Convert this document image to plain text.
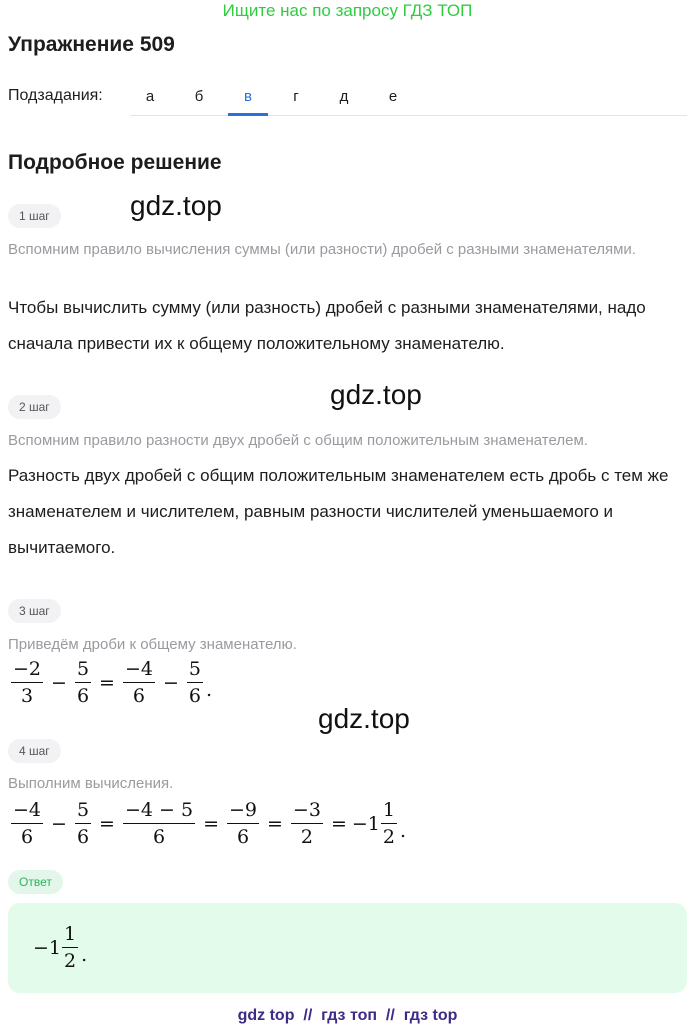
Ищите нас по запросу ГДЗ ТОП
Упражнение 509
Подзадания:	а	б	в	г	д	е
Подробное решение
gdz.top
gdz.top
gdz.top
1 шаг
Вспомним правило вычисления суммы (или разности) дробей с разными знаменателями.
Чтобы вычислить сумму (или разность) дробей с разными знаменателями, надо сначала привести их к общему положительному знаменателю.
2 шаг
Вспомним правило разности двух дробей с общим положительным знаменателем.
Разность двух дробей с общим положительным знаменателем есть дробь с тем же знаменателем и числителем, равным разности числителей уменьшаемого и вычитаемого.
3 шаг
Приведём дроби к общему знаменателю.
$\frac{-2}{3} - \frac{5}{6} = \frac{-4}{6} - \frac{5}{6}$ .
4 шаг
Выполним вычисления.
$\frac{-4}{6} - \frac{5}{6} = \frac{-4 - 5}{6} = \frac{-9}{6} = \frac{-3}{2} = -1 \frac{1}{2}$ .
Ответ
$-1 \frac{1}{2}$ .
gdz top  //  гдз топ  //  гдз top
